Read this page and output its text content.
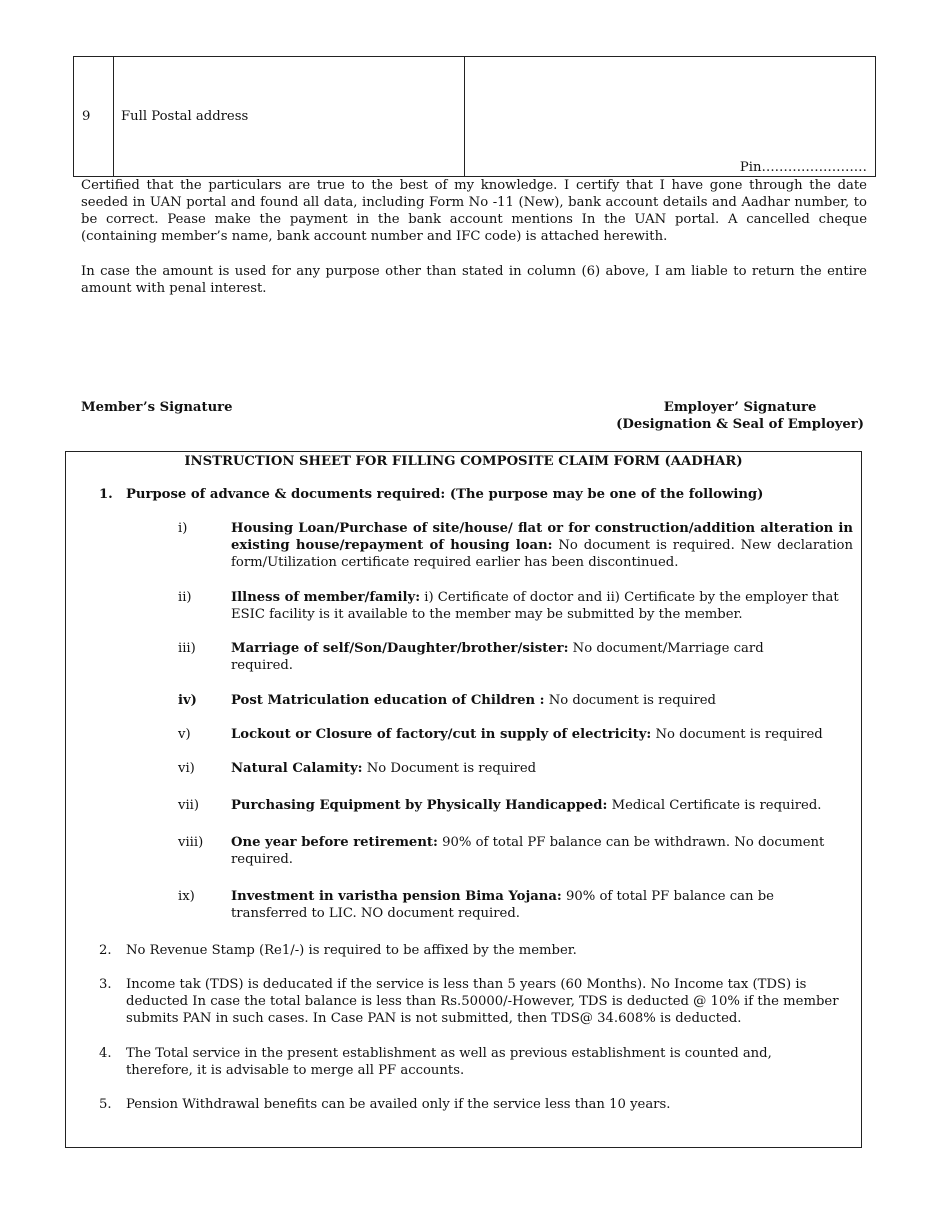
9 Full Postal address
Pin……………………
Certified that the particulars are true to the best of my knowledge. I certify that I have gone through the date seeded in UAN portal and found all data, including Form No -11 (New), bank account details and Aadhar number, to be correct. Pease make the payment in the bank account mentions In the UAN portal. A cancelled cheque (containing member’s name, bank account number and IFC code) is attached herewith.
In case the amount is used for any purpose other than stated in column (6) above, I am liable to return the entire amount with penal interest.
Member’s Signature	Employer’ Signature
(Designation & Seal of Employer)
INSTRUCTION SHEET FOR FILLING COMPOSITE CLAIM FORM (AADHAR)
1. Purpose of advance & documents required: (The purpose may be one of the following)
i)	Housing Loan/Purchase of site/house/ flat or for construction/addition alteration in existing house/repayment of housing loan: No document is required. New declaration form/Utilization certificate required earlier has been discontinued.
ii)	Illness of member/family: i) Certificate of doctor and ii) Certificate by the employer that ESIC facility is it available to the member may be submitted by the member.
iii)	Marriage of self/Son/Daughter/brother/sister: No document/Marriage card required.
iv)	Post Matriculation education of Children : No document is required
v)	Lockout or Closure of factory/cut in supply of electricity: No document is required
vi)	Natural Calamity: No Document is required
vii) Purchasing Equipment by Physically Handicapped: Medical Certificate is required.
viii) One year before retirement: 90% of total PF balance can be withdrawn. No document required.
ix)	Investment in varistha pension Bima Yojana: 90% of total PF balance can be transferred to LIC. NO document required.
2. No Revenue Stamp (Re1/-) is required to be affixed by the member.
3. Income tak (TDS) is deducated if the service is less than 5 years (60 Months). No Income tax (TDS) is deducted In case the total balance is less than Rs.50000/-However, TDS is deducted @ 10% if the member submits PAN in such cases. In Case PAN is not submitted, then TDS@ 34.608% is deducted.
4. The Total service in the present establishment as well as previous establishment is counted and, therefore, it is advisable to merge all PF accounts.
5. Pension Withdrawal benefits can be availed only if the service less than 10 years.
